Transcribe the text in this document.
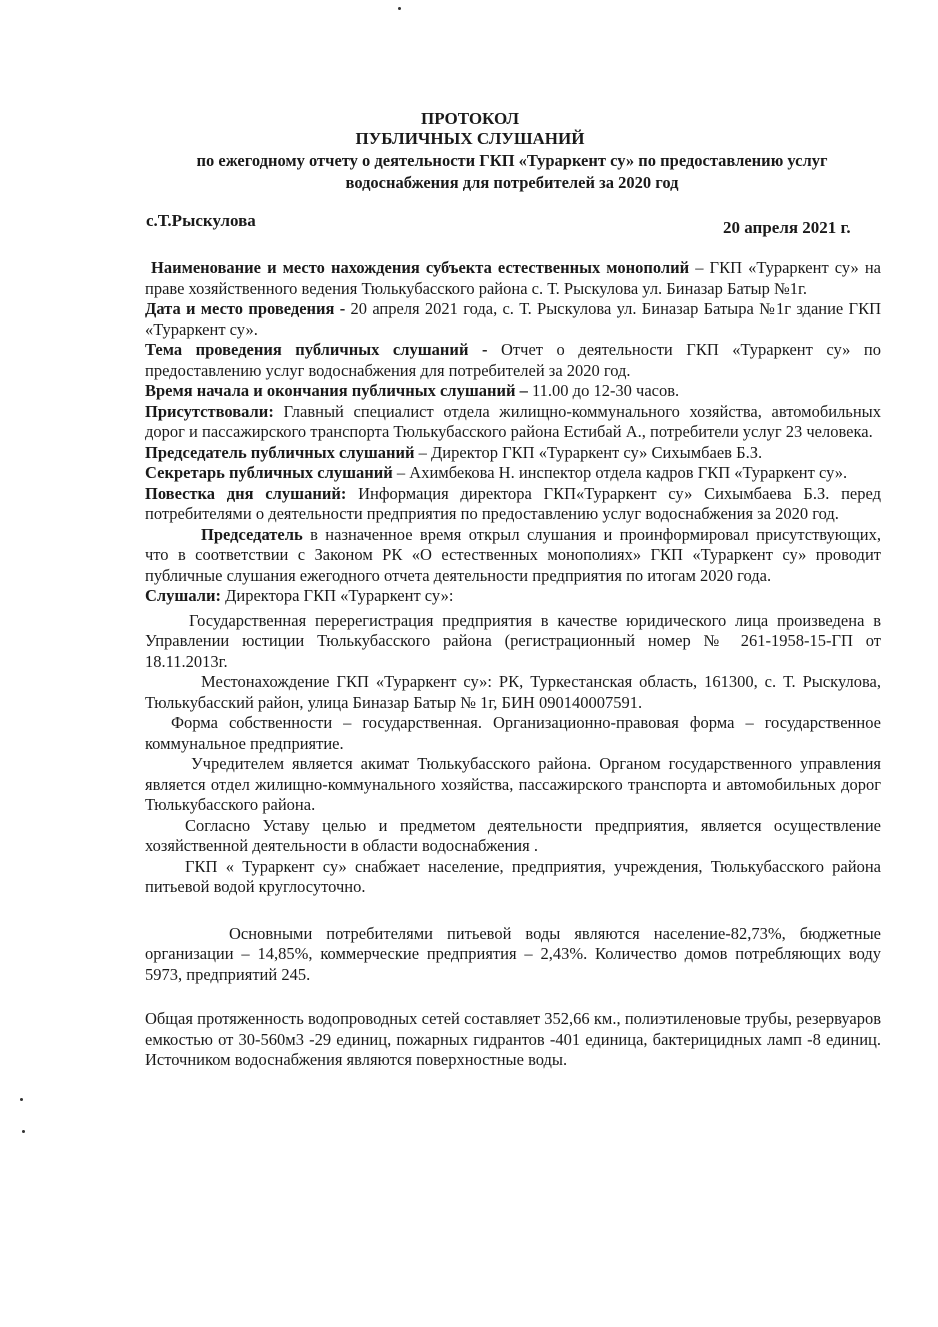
ПРОТОКОЛ
ПУБЛИЧНЫХ СЛУШАНИЙ
по ежегодному отчету о деятельности ГКП «Тураркент су» по предоставлению услуг
водоснабжения для потребителей за 2020 год
с.Т.Рыскулова	20 апреля 2021 г.

Наименование и место нахождения субъекта естественных монополий – ГКП «Тураркент су» на праве хозяйственного ведения Тюлькубасского района с. Т. Рыскулова ул. Биназар Батыр №1г.

Дата и место проведения - 20 апреля 2021 года, с. Т. Рыскулова ул. Биназар Батыра №1г здание ГКП «Тураркент су».

Тема проведения публичных слушаний - Отчет о деятельности ГКП «Тураркент су» по предоставлению услуг водоснабжения для потребителей за 2020 год.

Время начала и окончания публичных слушаний – 11.00 до 12-30 часов.

Присутствовали: Главный специалист отдела жилищно-коммунального хозяйства, автомобильных дорог и пассажирского транспорта Тюлькубасского района Естибай А., потребители услуг 23 человека.

Председатель публичных слушаний – Директор ГКП «Тураркент су» Сихымбаев Б.З.

Секретарь публичных слушаний – Ахимбекова Н. инспектор отдела кадров ГКП «Тураркент су».

Повестка дня слушаний: Информация директора ГКП«Тураркент су» Сихымбаева Б.З. перед потребителями о деятельности предприятия по предоставлению услуг водоснабжения за 2020 год.

Председатель в назначенное время открыл слушания и проинформировал присутствующих, что в соответствии с Законом РК «О естественных монополиях» ГКП «Тураркент су» проводит публичные слушания ежегодного отчета деятельности предприятия по итогам 2020 года.

Слушали: Директора ГКП «Тураркент су»:

Государственная перерегистрация предприятия в качестве юридического лица произведена в Управлении юстиции Тюлькубасского района (регистрационный номер № 261-1958-15-ГП от 18.11.2013г.

Местонахождение ГКП «Тураркент су»: РК, Туркестанская область, 161300, с. Т. Рыскулова, Тюлькубасский район, улица Биназар Батыр № 1г, БИН 090140007591.

Форма собственности – государственная. Организационно-правовая форма – государственное коммунальное предприятие.

Учредителем является акимат Тюлькубасского района. Органом государственного управления является отдел жилищно-коммунального хозяйства, пассажирского транспорта и автомобильных дорог Тюлькубасского района.

Согласно Уставу целью и предметом деятельности предприятия, является осуществление хозяйственной деятельности в области водоснабжения .

ГКП « Тураркент су» снабжает население, предприятия, учреждения, Тюлькубасского района питьевой водой круглосуточно.

Основными потребителями питьевой воды являются население-82,73%, бюджетные организации – 14,85%, коммерческие предприятия – 2,43%. Количество домов потребляющих воду 5973, предприятий 245.

Общая протяженность водопроводных сетей составляет 352,66 км., полиэтиленовые трубы, резервуаров емкостью от 30-560м3 -29 единиц, пожарных гидрантов -401 единица, бактерицидных ламп -8 единиц. Источником водоснабжения являются поверхностные воды.
